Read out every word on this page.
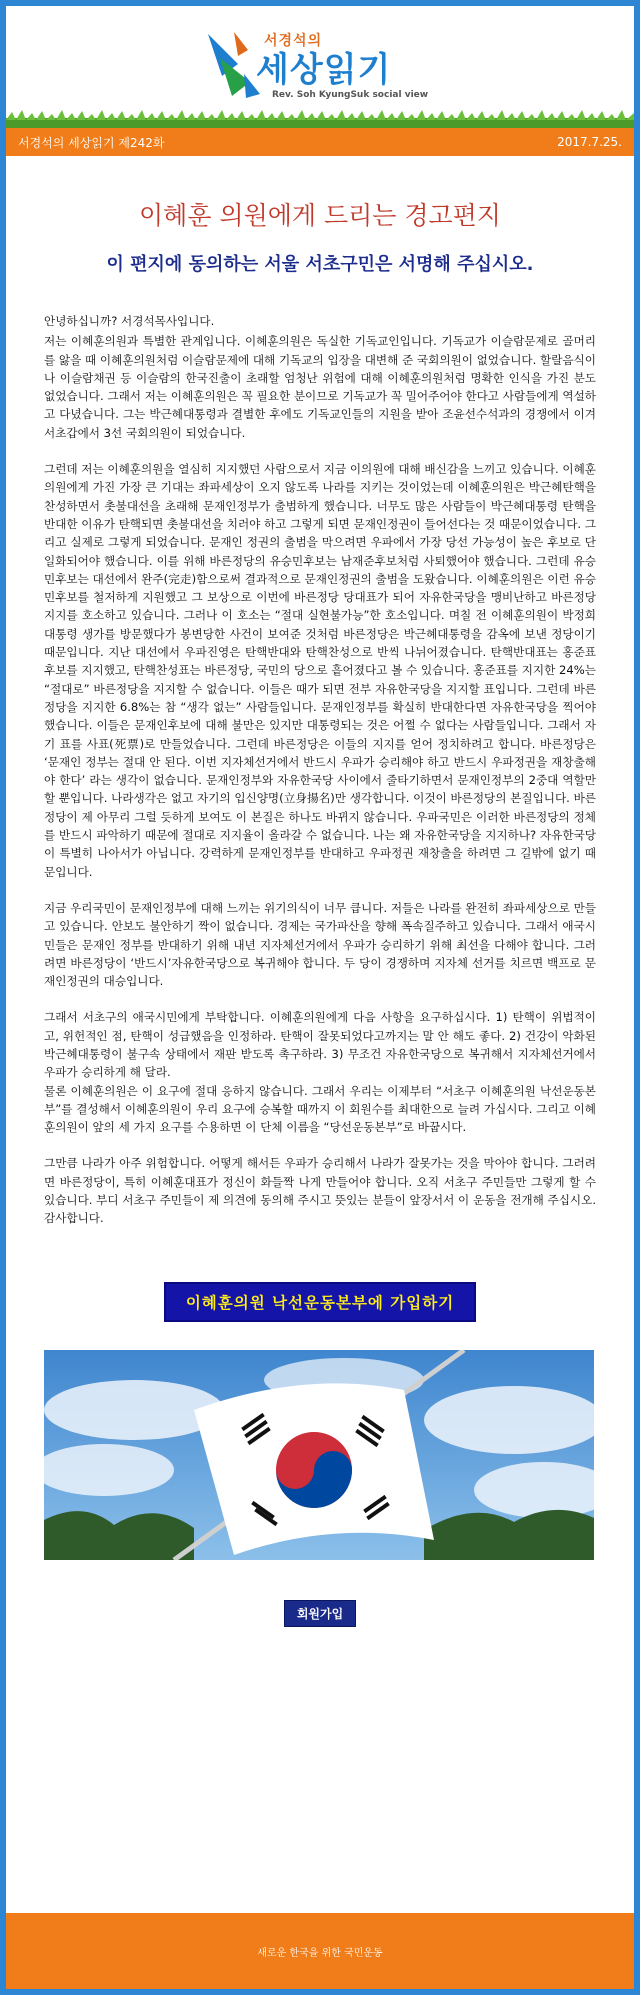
서경석의
세상읽기
Rev. Soh KyungSuk social view
서경석의 세상읽기 제242화	2017.7.25.
이혜훈 의원에게 드리는 경고편지
이 편지에 동의하는 서울 서초구민은 서명해 주십시오.

안녕하십니까? 서경석목사입니다.

저는 이혜훈의원과 특별한 관계입니다. 이혜훈의원은 독실한 기독교인입니다. 기독교가 이슬람문제로 골머리를 앓을 때 이혜훈의원처럼 이슬람문제에 대해 기독교의 입장을 대변해 준 국회의원이 없었습니다. 할랄음식이나 이슬람채권 등 이슬람의 한국진출이 초래할 엄청난 위험에 대해 이혜훈의원처럼 명확한 인식을 가진 분도 없었습니다. 그래서 저는 이혜훈의원은 꼭 필요한 분이므로 기독교가 꼭 밀어주어야 한다고 사람들에게 역설하고 다녔습니다. 그는 박근혜대통령과 결별한 후에도 기독교인들의 지원을 받아 조윤선수석과의 경쟁에서 이겨 서초갑에서 3선 국회의원이 되었습니다.

그런데 저는 이혜훈의원을 열심히 지지했던 사람으로서 지금 이의원에 대해 배신감을 느끼고 있습니다. 이혜훈의원에게 가진 가장 큰 기대는 좌파세상이 오지 않도록 나라를 지키는 것이었는데 이혜훈의원은 박근혜탄핵을 찬성하면서 촛불대선을 초래해 문재인정부가 출범하게 했습니다. 너무도 많은 사람들이 박근혜대통령 탄핵을 반대한 이유가 탄핵되면 촛불대선을 치러야 하고 그렇게 되면 문재인정권이 들어선다는 것 때문이었습니다. 그리고 실제로 그렇게 되었습니다. 문재인 정권의 출범을 막으려면 우파에서 가장 당선 가능성이 높은 후보로 단일화되어야 했습니다. 이를 위해 바른정당의 유승민후보는 남재준후보처럼 사퇴했어야 했습니다. 그런데 유승민후보는 대선에서 완주(完走)함으로써 결과적으로 문재인정권의 출범을 도왔습니다. 이혜훈의원은 이런 유승민후보를 철저하게 지원했고 그 보상으로 이번에 바른정당 당대표가 되어 자유한국당을 맹비난하고 바른정당 지지를 호소하고 있습니다. 그러나 이 호소는 “절대 실현불가능”한 호소입니다. 며칠 전 이혜훈의원이 박정희대통령 생가를 방문했다가 봉변당한 사건이 보여준 것처럼 바른정당은 박근혜대통령을 감옥에 보낸 정당이기 때문입니다. 지난 대선에서 우파진영은 탄핵반대와 탄핵찬성으로 반씩 나뉘어졌습니다. 탄핵반대표는 홍준표후보를 지지했고, 탄핵찬성표는 바른정당, 국민의 당으로 흩어졌다고 볼 수 있습니다. 홍준표를 지지한 24%는 “절대로” 바른정당을 지지할 수 없습니다. 이들은 때가 되면 전부 자유한국당을 지지할 표입니다. 그런데 바른정당을 지지한 6.8%는 참 “생각 없는” 사람들입니다. 문재인정부를 확실히 반대한다면 자유한국당을 찍어야 했습니다. 이들은 문재인후보에 대해 불만은 있지만 대통령되는 것은 어쩔 수 없다는 사람들입니다. 그래서 자기 표를 사표(死票)로 만들었습니다. 그런데 바른정당은 이들의 지지를 얻어 정치하려고 합니다. 바른정당은 ‘문재인 정부는 절대 안 된다. 이번 지자체선거에서 반드시 우파가 승리해야 하고 반드시 우파정권을 재창출해야 한다’ 라는 생각이 없습니다. 문재인정부와 자유한국당 사이에서 줄타기하면서 문재인정부의 2중대 역할만 할 뿐입니다. 나라생각은 없고 자기의 입신양명(立身揚名)만 생각합니다. 이것이 바른정당의 본질입니다. 바른정당이 제 아무리 그럴 듯하게 보여도 이 본질은 하나도 바뀌지 않습니다. 우파국민은 이러한 바른정당의 정체를 반드시 파악하기 때문에 절대로 지지율이 올라갈 수 없습니다. 나는 왜 자유한국당을 지지하나? 자유한국당이 특별히 나아서가 아닙니다. 강력하게 문재인정부를 반대하고 우파정권 재창출을 하려면 그 길밖에 없기 때문입니다.

지금 우리국민이 문재인정부에 대해 느끼는 위기의식이 너무 큽니다. 저들은 나라를 완전히 좌파세상으로 만들고 있습니다. 안보도 불안하기 짝이 없습니다. 경제는 국가파산을 향해 폭속질주하고 있습니다. 그래서 애국시민들은 문재인 정부를 반대하기 위해 내년 지자체선거에서 우파가 승리하기 위해 최선을 다해야 합니다. 그러려면 바른정당이 ‘반드시’자유한국당으로 복귀해야 합니다. 두 당이 경쟁하며 지자체 선거를 치르면 백프로 문재인정권의 대승입니다.

그래서 서초구의 애국시민에게 부탁합니다. 이혜훈의원에게 다음 사항을 요구하십시다. 1) 탄핵이 위법적이고, 위헌적인 점, 탄핵이 성급했음을 인정하라. 탄핵이 잘못되었다고까지는 말 안 해도 좋다. 2) 건강이 악화된 박근혜대통령이 불구속 상태에서 재판 받도록 촉구하라. 3) 무조건 자유한국당으로 복귀해서 지자체선거에서 우파가 승리하게 해 달라.

물론 이혜훈의원은 이 요구에 절대 응하지 않습니다. 그래서 우리는 이제부터 “서초구 이혜훈의원 낙선운동본부”를 결성해서 이혜훈의원이 우리 요구에 승복할 때까지 이 회원수를 최대한으로 늘려 가십시다. 그리고 이혜훈의원이 앞의 세 가지 요구를 수용하면 이 단체 이름을 “당선운동본부”로 바꿉시다.

그만큼 나라가 아주 위험합니다. 어떻게 해서든 우파가 승리해서 나라가 잘못가는 것을 막아야 합니다. 그러려면 바른정당이, 특히 이혜훈대표가 정신이 화들짝 나게 만들어야 합니다. 오직 서초구 주민들만 그렇게 할 수 있습니다. 부디 서초구 주민들이 제 의견에 동의해 주시고 뜻있는 분들이 앞장서서 이 운동을 전개해 주십시오. 감사합니다.

이혜훈의원 낙선운동본부에 가입하기
회원가입
새로운 한국을 위한 국민운동
